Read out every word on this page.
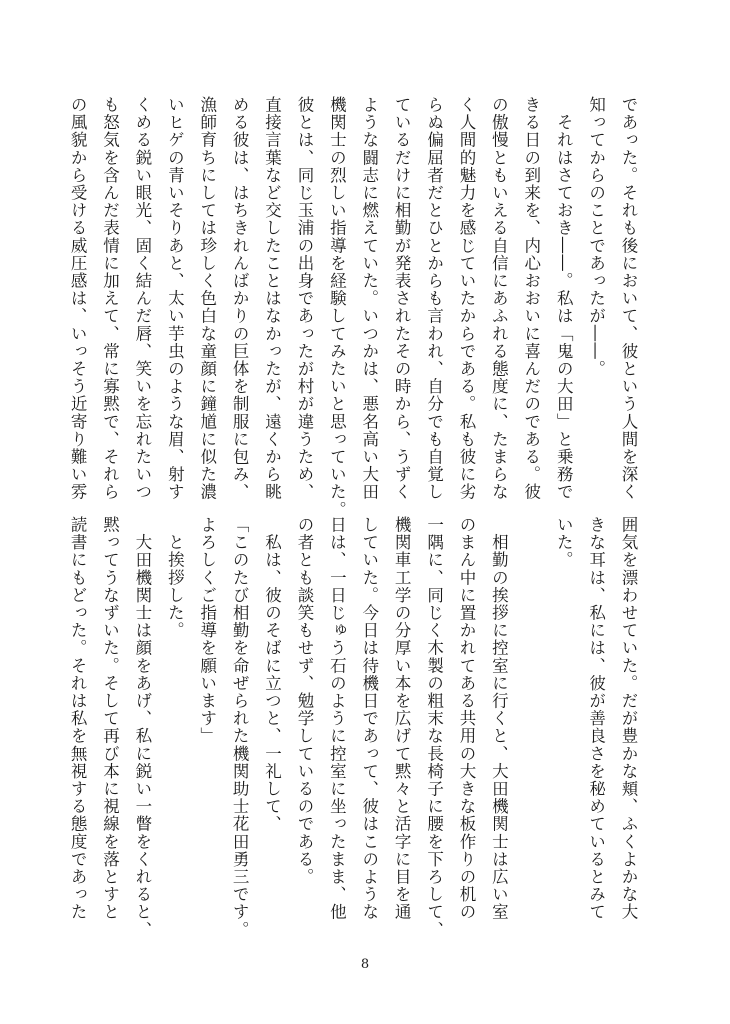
であった。それも後において、彼という人間を深く
知ってからのことであったが――。
　それはさておき――。私は「鬼の大田」と乗務で
きる日の到来を、内心おおいに喜んだのである。彼
の傲慢ともいえる自信にあふれる態度に、たまらな
く人間的魅力を感じていたからである。私も彼に劣
らぬ偏屈者だとひとからも言われ、自分でも自覚し
ているだけに相勤が発表されたその時から、うずく
ような闘志に燃えていた。いつかは、悪名高い大田
機関士の烈しい指導を経験してみたいと思っていた。
彼とは、同じ玉浦の出身であったが村が違うため、
直接言葉など交したことはなかったが、遠くから眺
める彼は、はちきれんばかりの巨体を制服に包み、
漁師育ちにしては珍しく色白な童顔に鐘馗に似た濃
いヒゲの青いそりあと、太い芋虫のような眉、射す
くめる鋭い眼光、固く結んだ唇、笑いを忘れたいつ
も怒気を含んだ表情に加えて、常に寡黙で、それら
の風貌から受ける威圧感は、いっそう近寄り難い雰
囲気を漂わせていた。だが豊かな頬、ふくよかな大
きな耳は、私には、彼が善良さを秘めているとみて
いた。

　相勤の挨拶に控室に行くと、大田機関士は広い室
のまん中に置かれてある共用の大きな板作りの机の
一隅に、同じく木製の粗末な長椅子に腰を下ろして、
機関車工学の分厚い本を広げて黙々と活字に目を通
していた。今日は待機日であって、彼はこのような
日は、一日じゅう石のように控室に坐ったまま、他
の者とも談笑もせず、勉学しているのである。
　私は、彼のそばに立つと、一礼して、
「このたび相勤を命ぜられた機関助士花田勇三です。
よろしくご指導を願います」
　と挨拶した。
　大田機関士は顔をあげ、私に鋭い一瞥をくれると、
黙ってうなずいた。そして再び本に視線を落とすと
読書にもどった。それは私を無視する態度であった
8
